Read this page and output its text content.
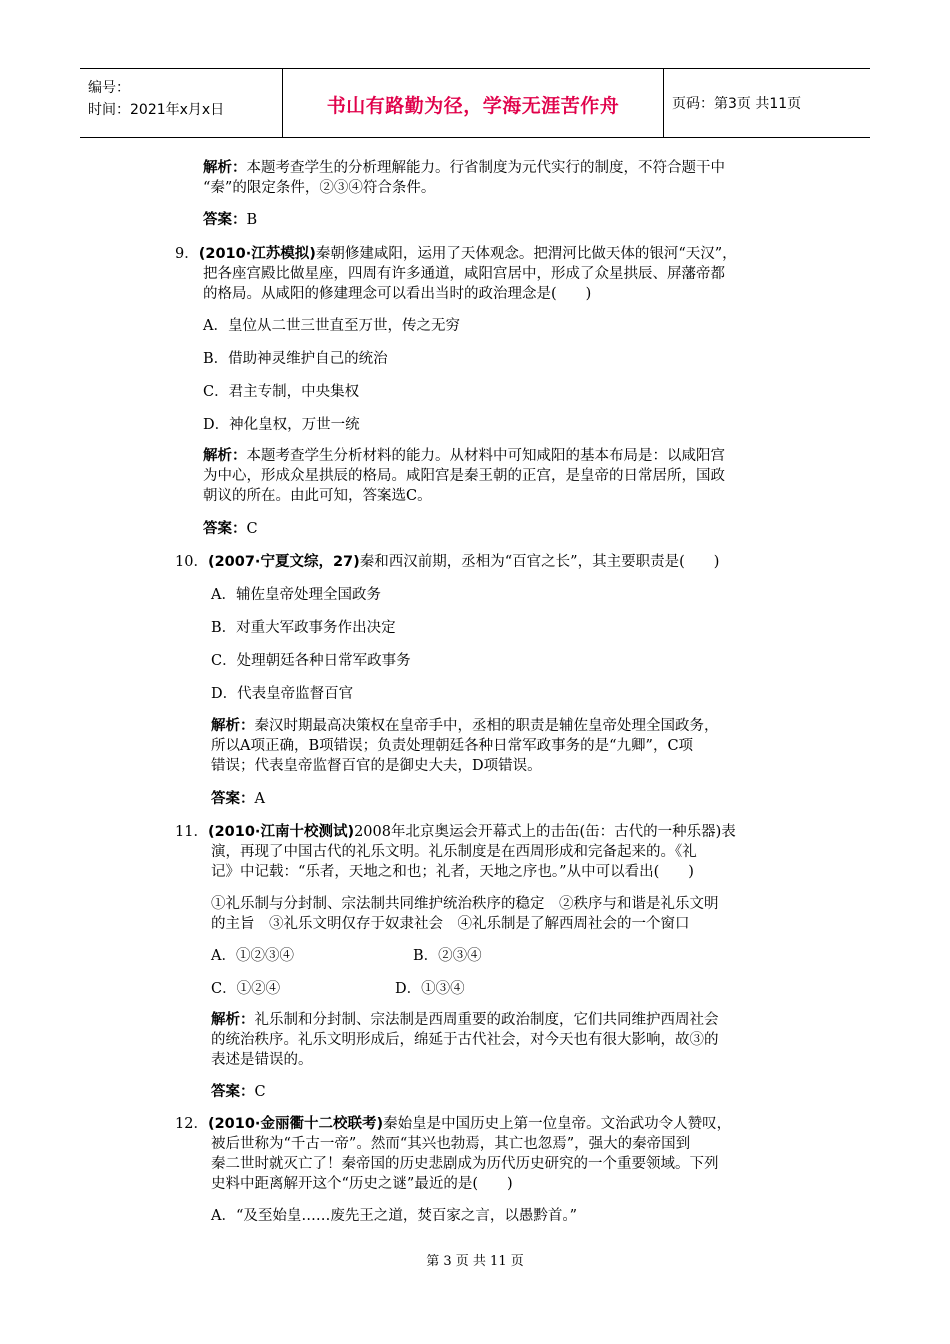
编号：
时间：2021年x月x日	书山有路勤为径，学海无涯苦作舟	页码：第3页 共11页
解析：本题考查学生的分析理解能力。行省制度为元代实行的制度，不符合题干中
“秦”的限定条件，②③④符合条件。
答案：B
9．(2010·江苏模拟)秦朝修建咸阳，运用了天体观念。把渭河比做天体的银河“天汉”，
把各座宫殿比做星座，四周有许多通道，咸阳宫居中，形成了众星拱辰、屏藩帝都
的格局。从咸阳的修建理念可以看出当时的政治理念是(　　)
A．皇位从二世三世直至万世，传之无穷
B．借助神灵维护自己的统治
C．君主专制，中央集权
D．神化皇权，万世一统
解析：本题考查学生分析材料的能力。从材料中可知咸阳的基本布局是：以咸阳宫
为中心，形成众星拱辰的格局。咸阳宫是秦王朝的正宫，是皇帝的日常居所，国政
朝议的所在。由此可知，答案选C。
答案：C
10．(2007·宁夏文综，27)秦和西汉前期，丞相为“百官之长”，其主要职责是(　　)
A．辅佐皇帝处理全国政务
B．对重大军政事务作出决定
C．处理朝廷各种日常军政事务
D．代表皇帝监督百官
解析：秦汉时期最高决策权在皇帝手中，丞相的职责是辅佐皇帝处理全国政务，
所以A项正确，B项错误；负责处理朝廷各种日常军政事务的是“九卿”，C项
错误；代表皇帝监督百官的是御史大夫，D项错误。
答案：A
11．(2010·江南十校测试)2008年北京奥运会开幕式上的击缶(缶：古代的一种乐器)表
演，再现了中国古代的礼乐文明。礼乐制度是在西周形成和完备起来的。《礼
记》中记载：“乐者，天地之和也；礼者，天地之序也。”从中可以看出(　　)
①礼乐制与分封制、宗法制共同维护统治秩序的稳定　②秩序与和谐是礼乐文明
的主旨　③礼乐文明仅存于奴隶社会　④礼乐制是了解西周社会的一个窗口
A．①②③④	B．②③④
C．①②④	D．①③④
解析：礼乐制和分封制、宗法制是西周重要的政治制度，它们共同维护西周社会
的统治秩序。礼乐文明形成后，绵延于古代社会，对今天也有很大影响，故③的
表述是错误的。
答案：C
12．(2010·金丽衢十二校联考)秦始皇是中国历史上第一位皇帝。文治武功令人赞叹，
被后世称为“千古一帝”。然而“其兴也勃焉，其亡也忽焉”，强大的秦帝国到
秦二世时就灭亡了！秦帝国的历史悲剧成为历代历史研究的一个重要领域。下列
史料中距离解开这个“历史之谜”最近的是(　　)
A．“及至始皇……废先王之道，焚百家之言，以愚黔首。”
第 3 页 共 11 页
